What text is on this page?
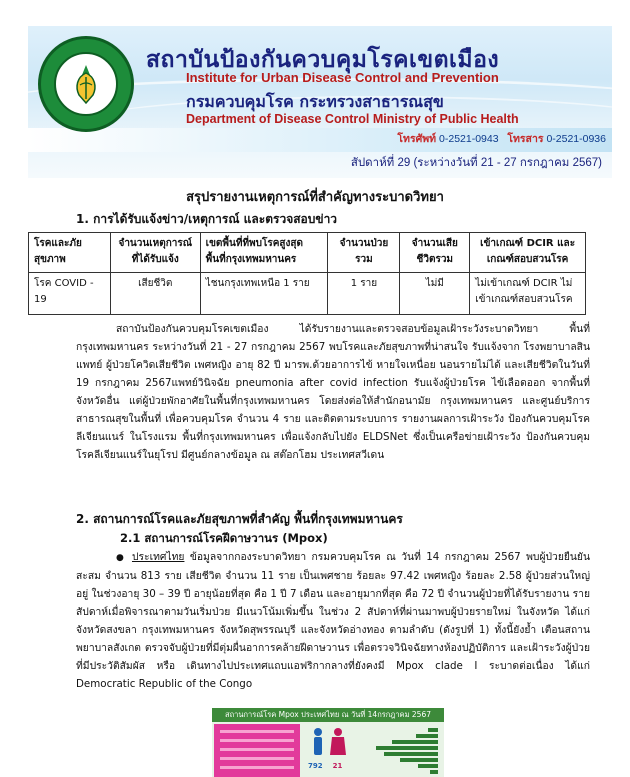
สถาบันป้องกันควบคุมโรคเขตเมือง
Institute for Urban Disease Control and Prevention
กรมควบคุมโรค กระทรวงสาธารณสุข
Department of Disease Control Ministry of Public Health
โทรศัพท์ 0-2521-0943 โทรสาร 0-2521-0936
สัปดาห์ที่ 29 (ระหว่างวันที่ 21 - 27 กรกฎาคม 2567)
สรุปรายงานเหตุการณ์ที่สำคัญทางระบาดวิทยา
1. การได้รับแจ้งข่าว/เหตุการณ์ และตรวจสอบข่าว
โรคและภัยสุขภาพ	จำนวนเหตุการณ์ที่ได้รับแจ้ง	เขตพื้นที่ที่พบโรคสูงสุด พื้นที่กรุงเทพมหานคร	จำนวนป่วยรวม	จำนวนเสียชีวิตรวม	เข้าเกณฑ์ DCIR และเกณฑ์สอบสวนโรค
โรค COVID - 19	เสียชีวิต	ไชนกรุงเทพเหนือ 1 ราย	1 ราย	ไม่มี	ไม่เข้าเกณฑ์ DCIR ไม่เข้าเกณฑ์สอบสวนโรค
สถาบันป้องกันควบคุมโรคเขตเมือง ได้รับรายงานและตรวจสอบข้อมูลเฝ้าระวังระบาดวิทยา พื้นที่กรุงเทพมหานคร ระหว่างวันที่ 21 - 27 กรกฎาคม 2567 พบโรคและภัยสุขภาพที่น่าสนใจ รับแจ้งจาก โรงพยาบาลสินแพทย์ ผู้ป่วยโควิดเสียชีวิต เพศหญิง อายุ 82 ปี มารพ.ด้วยอาการไข้ หายใจเหนื่อย นอนรายไม่ได้ และเสียชีวิตในวันที่ 19 กรกฎาคม 2567แพทย์วินิจฉัย pneumonia after covid infection รับแจ้งผู้ป่วยโรค ไข้เลือดออก จากพื้นที่จังหวัดอื่น แต่ผู้ป่วยพักอาศัยในพื้นที่กรุงเทพมหานคร โดยส่งต่อให้สำนักอนามัย กรุงเทพมหานคร และศูนย์บริการสาธารณสุขในพื้นที่ เพื่อควบคุมโรค จำนวน 4 ราย และติดตามระบบการ รายงานผลการเฝ้าระวัง ป้องกันควบคุมโรคลีเจียนแนร์ ในโรงแรม พื้นที่กรุงเทพมหานคร เพื่อแจ้งกลับไปยัง ELDSNet ซึ่งเป็นเครือข่ายเฝ้าระวัง ป้องกันควบคุมโรคลีเจียนแนร์ในยุโรป มีศูนย์กลางข้อมูล ณ สต๊อกโฮม ประเทศสวีเดน
2. สถานการณ์โรคและภัยสุขภาพที่สำคัญ พื้นที่กรุงเทพมหานคร
2.1 สถานการณ์โรคฝีดาษวานร (Mpox)
● ประเทศไทย ข้อมูลจากกองระบาดวิทยา กรมควบคุมโรค ณ วันที่ 14 กรกฎาคม 2567 พบผู้ป่วยยืนยัน สะสม จำนวน 813 ราย เสียชีวิต จำนวน 11 ราย เป็นเพศชาย ร้อยละ 97.42 เพศหญิง ร้อยละ 2.58 ผู้ป่วยส่วนใหญ่อยู่ ในช่วงอายุ 30 – 39 ปี อายุน้อยที่สุด คือ 1 ปี 7 เดือน และอายุมากที่สุด คือ 72 ปี จำนวนผู้ป่วยที่ได้รับรายงาน รายสัปดาห์เมื่อพิจารณาตามวันเริ่มป่วย มีแนวโน้มเพิ่มขึ้น ในช่วง 2 สัปดาห์ที่ผ่านมาพบผู้ป่วยรายใหม่ ในจังหวัด ได้แก่ จังหวัดสงขลา กรุงเทพมหานคร จังหวัดสุพรรณบุรี และจังหวัดอ่างทอง ตามลำดับ (ดังรูปที่ 1) ทั้งนี้ยังย้ำ เตือนสถานพยาบาลสังเกต ตรวจจับผู้ป่วยที่มีตุ่มผื่นอาการคล้ายฝีดาษวานร เพื่อตรวจวินิจฉัยทางห้องปฏิบัติการ และเฝ้าระวังผู้ป่วยที่มีประวัติสัมผัส หรือ เดินทางไปประเทศแถบแอฟริกากลางที่ยังคงมี Mpox clade I ระบาดต่อเนื่อง ได้แก่ Democratic Republic of the Congo
สถานการณ์โรค Mpox ประเทศไทย ณ วันที่ 14กรกฎาคม 2567
792 21
